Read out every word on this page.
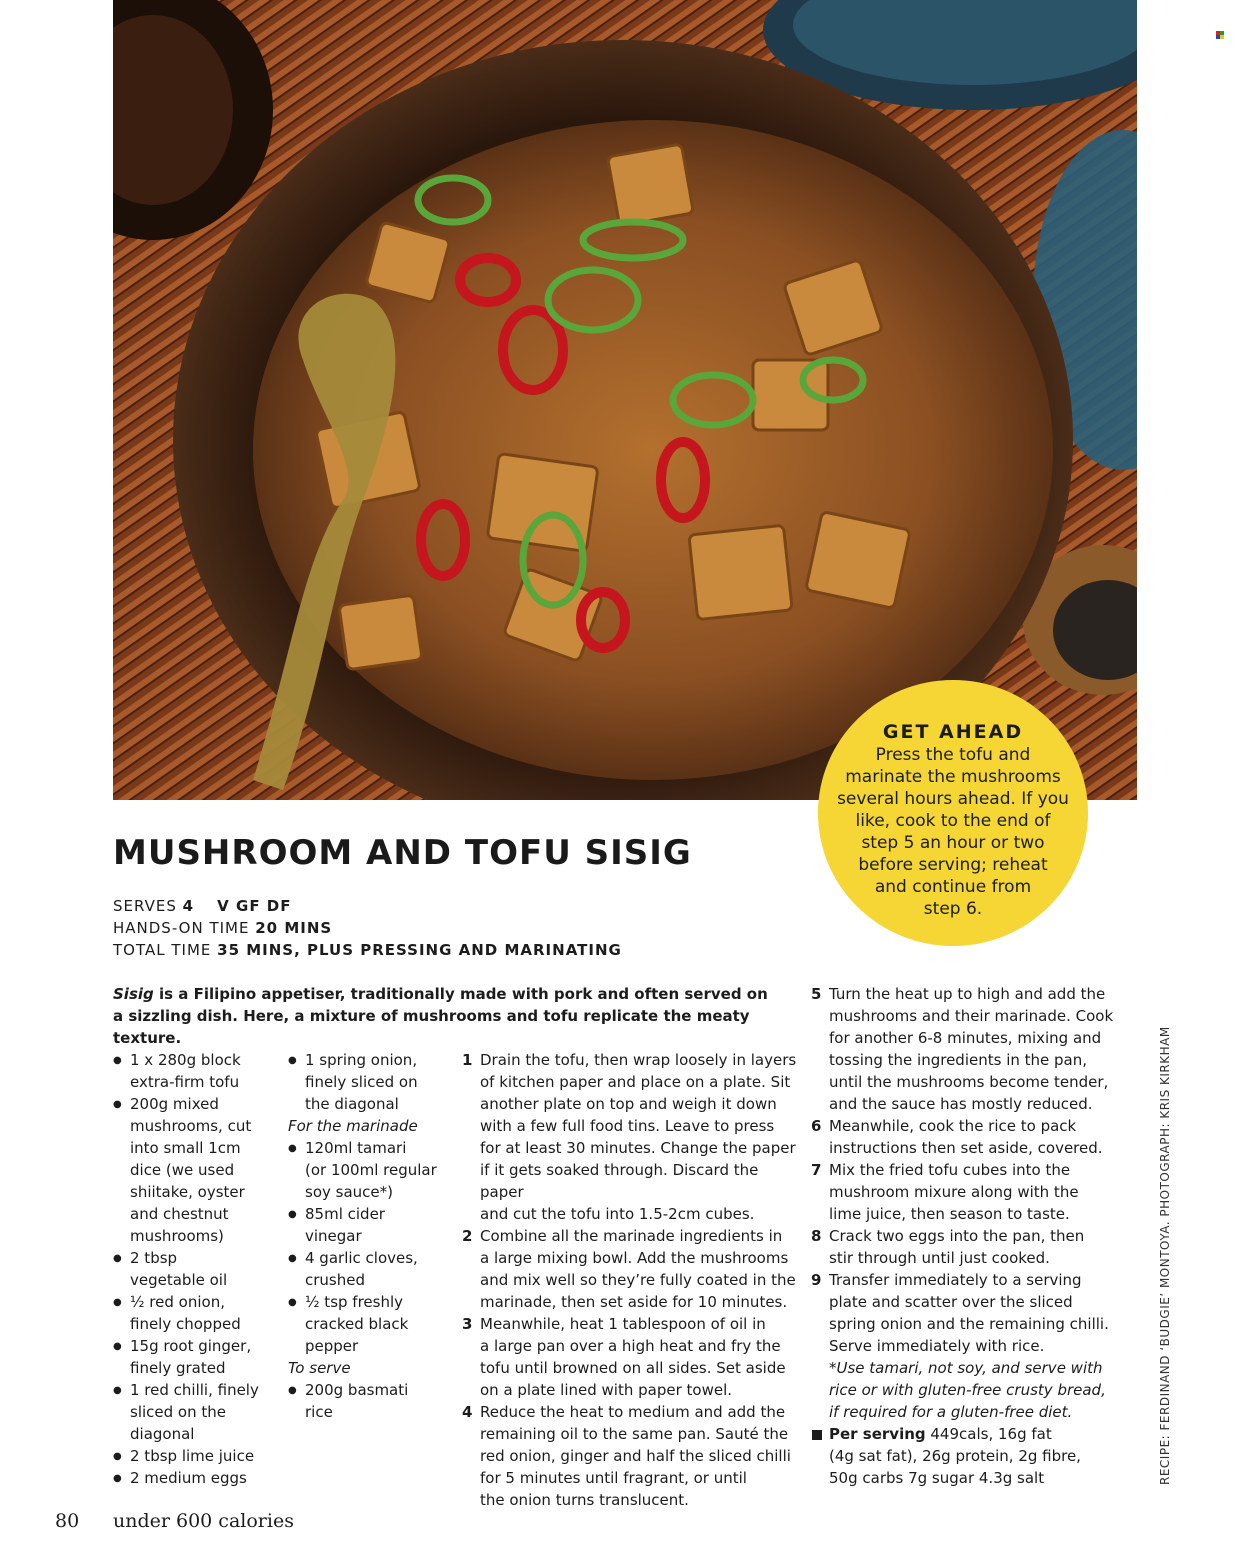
GET AHEAD
Press the tofu and
marinate the mushrooms
several hours ahead. If you
like, cook to the end of
step 5 an hour or two
before serving; reheat
and continue from
step 6.
MUSHROOM AND TOFU SISIG
SERVES 4 V GF DF
HANDS-ON TIME 20 MINS
TOTAL TIME 35 MINS, PLUS PRESSING AND MARINATING
Sisig is a Filipino appetiser, traditionally made with pork and often served on
a sizzling dish. Here, a mixture of mushrooms and tofu replicate the meaty texture.
● 1 x 280g block
extra-firm tofu
● 200g mixed
mushrooms, cut
into small 1cm
dice (we used
shiitake, oyster
and chestnut
mushrooms)
● 2 tbsp
vegetable oil
● ½ red onion,
finely chopped
● 15g root ginger,
finely grated
● 1 red chilli, finely
sliced on the
diagonal
● 2 tbsp lime juice
● 2 medium eggs
● 1 spring onion,
finely sliced on
the diagonal
For the marinade
● 120ml tamari
(or 100ml regular
soy sauce*)
● 85ml cider
vinegar
● 4 garlic cloves,
crushed
● ½ tsp freshly
cracked black
pepper
To serve
● 200g basmati
rice
1 Drain the tofu, then wrap loosely in layers
of kitchen paper and place on a plate. Sit
another plate on top and weigh it down
with a few full food tins. Leave to press
for at least 30 minutes. Change the paper
if it gets soaked through. Discard the paper
and cut the tofu into 1.5-2cm cubes.
2 Combine all the marinade ingredients in
a large mixing bowl. Add the mushrooms
and mix well so they’re fully coated in the
marinade, then set aside for 10 minutes.
3 Meanwhile, heat 1 tablespoon of oil in
a large pan over a high heat and fry the
tofu until browned on all sides. Set aside
on a plate lined with paper towel.
4 Reduce the heat to medium and add the
remaining oil to the same pan. Sauté the
red onion, ginger and half the sliced chilli
for 5 minutes until fragrant, or until
the onion turns translucent.
5 Turn the heat up to high and add the
mushrooms and their marinade. Cook
for another 6-8 minutes, mixing and
tossing the ingredients in the pan,
until the mushrooms become tender,
and the sauce has mostly reduced.
6 Meanwhile, cook the rice to pack
instructions then set aside, covered.
7 Mix the fried tofu cubes into the
mushroom mixure along with the
lime juice, then season to taste.
8 Crack two eggs into the pan, then
stir through until just cooked.
9 Transfer immediately to a serving
plate and scatter over the sliced
spring onion and the remaining chilli.
Serve immediately with rice.
*Use tamari, not soy, and serve with
rice or with gluten-free crusty bread,
if required for a gluten-free diet.
Per serving 449cals, 16g fat
(4g sat fat), 26g protein, 2g fibre,
50g carbs 7g sugar 4.3g salt	RECIPE: FERDINAND ‘BUDGIE’ MONTOYA. PHOTOGRAPH: KRIS KIRKHAM
80 under 600 calories
